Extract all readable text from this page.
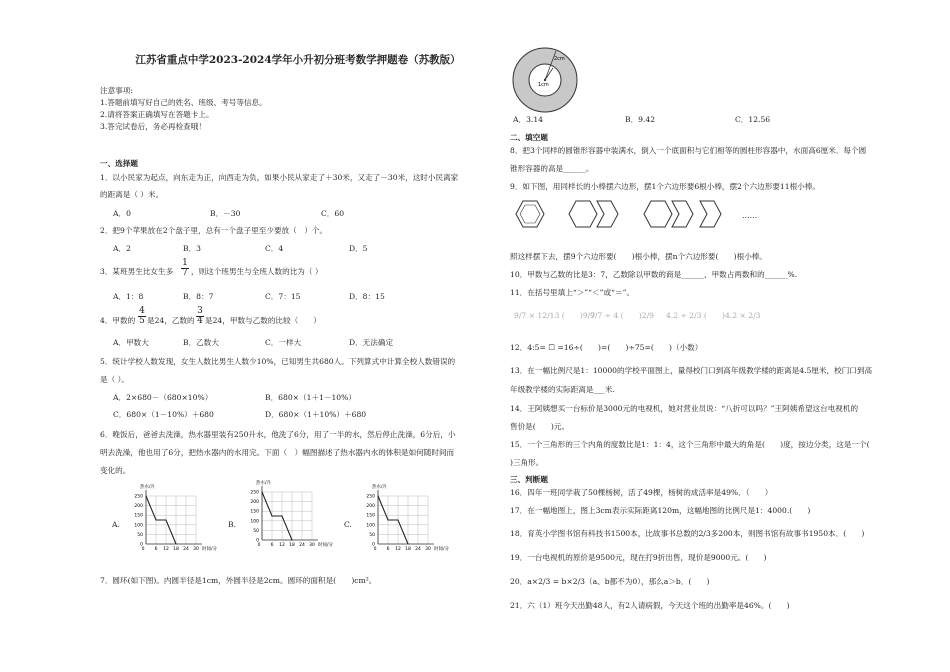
江苏省重点中学2023-2024学年小升初分班考数学押题卷（苏教版）
注意事项:
1.答题前填写好自己的姓名、班级、考号等信息。
2.请将答案正确填写在答题卡上。
3.答完试卷后，务必再检查哦！
一、选择题
1．以小民家为起点，向东走为正，向西走为负，如果小民从家走了＋30米，又走了－30米，这时小民离家
的距离是（ ）米。
A．0	B．－30	C．60
2．把9个苹果放在2个盘子里，总有一个盘子里至少要放（　）个。
A．2	B．3	C．4	D．5
3．某班男生比女生多 $\frac{1}{7}$ ，则这个班男生与全班人数的比为（ ）
A．1：8	B．8：7	C．7：15	D．8：15
4．甲数的 $\frac{4}{5}$ 是24，乙数的 $\frac{3}{4}$ 是24，甲数与乙数的比较（　　）
A．甲数大	B．乙数大	C．一样大	D．无法确定
5．统计学校人数发现，女生人数比男生人数少10%，已知男生共680人。下列算式中计算全校人数错误的
是（ ）。
A．2×680－（680×10%）	B．680×（1＋1－10%）
C．680×（1－10%）＋680	D．680×（1＋10%）＋680
6．晚饭后，爸爸去洗澡，热水器里装有250升水，他洗了6分，用了一半的水，然后停止洗澡，6分后，小
明去洗澡，他也用了6分，把热水器内的水用完。下面（　）幅图描述了热水器内水的体积是如何随时间而
变化的。
A.	B.	C.
0
50
100
150
200
250
6 12 18 24 30
0
热水/升
时间/分
0
50
100
150
200
250
6 12 18 24 30
0
热水/升
时间/分	0
50
100
150
200
250
6 12 18 24 30
0
热水/升
时间/分
7．圆环(如下图)。内圆半径是1cm，外圆半径是2cm。圆环的面积是(　　)cm²。
1cm
2cm
A．3.14	B．9.42	C．12.56
二、填空题
8．把3个同样的圆锥形容器中装满水，倒入一个底面积与它们相等的圆柱形容器中，水面高6厘米．每个圆
锥形容器的高是______。
9．如下图，用同样长的小棒摆六边形，摆1个六边形要6根小棒，摆2个六边形要11根小棒。
……
照这样摆下去，摆9个六边形要(　　)根小棒，摆n个六边形要(　　)根小棒。
10．甲数与乙数的比是3：7，乙数除以甲数的商是______，甲数占两数和的______%.
11．在括号里填上“＞”“＜”或“＝”。
9/7 × 12/13 (　　)9/7
9/7 ÷ 4 (　　)2/9 4.2 ÷ 2/3 (　　)4.2 × 2/3
12．4:5= ☐ =16÷(　　)=(　　)÷75=(　　)（小数）
13．在一幅比例尺是1：10000的学校平面图上，量得校门口到高年级教学楼的距离是4.5厘米，校门口到高
年级教学楼的实际距离是___米.
14．王阿姨想买一台标价是3000元的电视机，她对营业员说：“八折可以吗？”王阿姨希望这台电视机的
售价是(　　)元。
15．一个三角形的三个内角的度数比是1：1：4，这个三角形中最大的角是(　　)度，按边分类，这是一个(
)三角形。
三、判断题
16．四年一班同学栽了50棵杨树，活了49棵，杨树的成活率是49%．（　　）
17．在一幅地图上，图上3cm表示实际距离120m，这幅地图的比例尺是1：4000.(　　)
18．育英小学图书馆有科技书1500本，比故事书总数的2/3多200本，则图书馆有故事书1950本．(　　)
19．一台电视机的原价是9500元，现在打9折出售，现价是9000元。(　　)
20．a×2/3 = b×2/3（a、b都不为0），那么a＞b．(　　)
21．六（1）班今天出勤48人，有2人请病假，今天这个班的出勤率是46%。(　　)
